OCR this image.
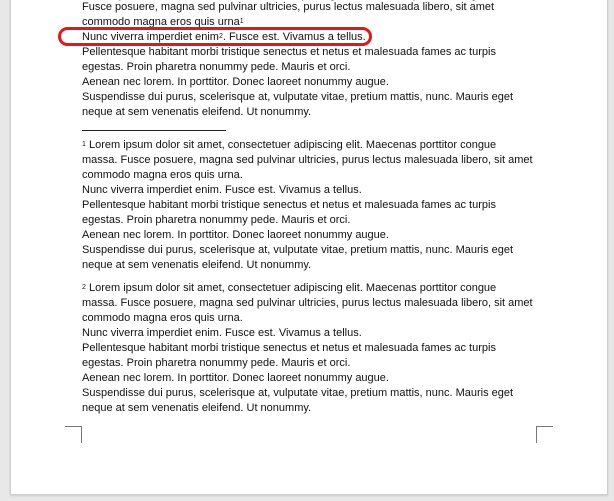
Fusce posuere, magna sed pulvinar ultricies, purus lectus malesuada libero, sit amet
commodo magna eros quis urna$^1$
Nunc viverra imperdiet enim$^2$. Fusce est. Vivamus a tellus.
Pellentesque habitant morbi tristique senectus et netus et malesuada fames ac turpis
egestas. Proin pharetra nonummy pede. Mauris et orci.
Aenean nec lorem. In porttitor. Donec laoreet nonummy augue.
Suspendisse dui purus, scelerisque at, vulputate vitae, pretium mattis, nunc. Mauris eget
neque at sem venenatis eleifend. Ut nonummy.
$^1$ Lorem ipsum dolor sit amet, consectetuer adipiscing elit. Maecenas porttitor congue
massa. Fusce posuere, magna sed pulvinar ultricies, purus lectus malesuada libero, sit amet
commodo magna eros quis urna.
Nunc viverra imperdiet enim. Fusce est. Vivamus a tellus.
Pellentesque habitant morbi tristique senectus et netus et malesuada fames ac turpis
egestas. Proin pharetra nonummy pede. Mauris et orci.
Aenean nec lorem. In porttitor. Donec laoreet nonummy augue.
Suspendisse dui purus, scelerisque at, vulputate vitae, pretium mattis, nunc. Mauris eget
neque at sem venenatis eleifend. Ut nonummy.
$^2$ Lorem ipsum dolor sit amet, consectetuer adipiscing elit. Maecenas porttitor congue
massa. Fusce posuere, magna sed pulvinar ultricies, purus lectus malesuada libero, sit amet
commodo magna eros quis urna.
Nunc viverra imperdiet enim. Fusce est. Vivamus a tellus.
Pellentesque habitant morbi tristique senectus et netus et malesuada fames ac turpis
egestas. Proin pharetra nonummy pede. Mauris et orci.
Aenean nec lorem. In porttitor. Donec laoreet nonummy augue.
Suspendisse dui purus, scelerisque at, vulputate vitae, pretium mattis, nunc. Mauris eget
neque at sem venenatis eleifend. Ut nonummy.
